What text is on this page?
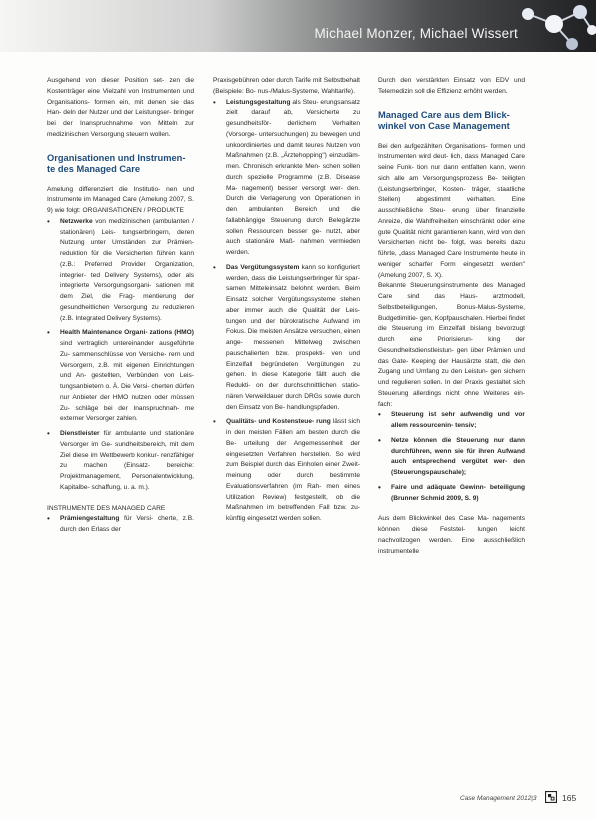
Michael Monzer, Michael Wissert

Ausgehend von dieser Position set- zen die Kostenträger eine Vielzahl von Instrumenten und Organisations- formen ein, mit denen sie das Han- deln der Nutzer und der Leistungser- bringer bei der Inanspruchnahme von Mitteln zur medizinischen Versorgung steuern wollen.

Organisationen und Instrumen- te des Managed Care

Amelung differenziert die Institutio- nen und Instrumente im Managed Care (Amelung 2007, S. 9) wie folgt: ORGANISATIONEN / PRODUKTE

• Netzwerke von medizinischen (ambulanten / stationären) Leis- tungserbringern, deren Nutzung unter Umständen zur Prämien- reduktion für die Versicherten führen kann (z.B.: Preferred Provider Organization, integrier- ted Delivery Systems), oder als integrierte Versorgungsorgani- sationen mit dem Ziel, die Frag- mentierung der gesundheitlichen Versorgung zu reduzieren (z.B. Integrated Delivery Systems).
• Health Maintenance Organi- zations (HMO) sind vertraglich untereinander ausgeführte Zu- sammenschlüsse von Versiche- rern und Versorgern, z.B. mit eigenen Einrichtungen und An- gestellten, Verbünden von Leis- tungsanbietern o. Ä. Die Versi- cherten dürfen nur Anbieter der HMO nutzen oder müssen Zu- schläge bei der Inanspruchnah- me externer Versorger zahlen.
• Dienstleister für ambulante und stationäre Versorger im Ge- sundheitsbereich, mit dem Ziel diese im Wettbewerb konkur- renzfähiger zu machen (Einsatz- bereiche: Projektmanagement, Personalentwicklung, Kapitalbe- schaffung, u. a. m.).

INSTRUMENTE DES MANAGED CARE

• Prämiengestaltung für Versi- cherte, z.B. durch den Erlass der

Praxisgebühren oder durch Tarife mit Selbstbehalt (Beispiele: Bo- nus-/Malus-Systeme, Wahltarife).

• Leistungsgestaltung als Steu- erungsansatz zielt darauf ab, Versicherte zu gesundheitsför- derlichem Verhalten (Vorsorge- untersuchungen) zu bewegen und unkoordiniertes und damit teures Nutzen von Maßnahmen (z.B. „Ärztehopping") einzudäm- men. Chronisch erkrankte Men- schen sollen durch spezielle Programme (z.B. Disease Ma- nagement) besser versorgt wer- den. Durch die Verlagerung von Operationen in den ambulanten Bereich und die fallabhängige Steuerung durch Belegärzte sollen Ressourcen besser ge- nutzt, aber auch stationäre Maß- nahmen vermieden werden.
• Das Vergütungssystem kann so konfiguriert werden, dass die Leistungserbringer für spar- samen Mitteleinsatz belohnt werden. Beim Einsatz solcher Vergütungssysteme stehen aber immer auch die Qualität der Leis- tungen und der bürokratische Aufwand im Fokus. Die meisten Ansätze versuchen, einen ange- messenen Mittelweg zwischen pauschalierten bzw. prospekti- ven und Einzelfall begründeten Vergütungen zu gehen. In diese Kategorie fällt auch die Redukti- on der durchschnittlichen statio- nären Verweildauer durch DRGs sowie durch den Einsatz von Be- handlungspfaden.
• Qualitäts- und Kostensteue- rung lässt sich in den meisten Fällen am besten durch die Be- urteilung der Angemessenheit der eingesetzten Verfahren herstellen. So wird zum Beispiel durch das Einholen einer Zweit- meinung oder durch bestimmte Evaluationsverfahren (im Rah- men eines Utilization Review) festgestellt, ob die Maßnahmen im betreffenden Fall bzw. zu- künftig eingesetzt werden sollen.

Durch den verstärkten Einsatz von EDV und Telemedizin soll die Effizienz erhöht werden.

Managed Care aus dem Blick- winkel von Case Management

Bei den aufgezählten Organisations- formen und Instrumenten wird deut- lich, dass Managed Care seine Funk- tion nur dann entfalten kann, wenn sich alle am Versorgungsprozess Be- teiligten (Leistungserbringer, Kosten- träger, staatliche Stellen) abgestimmt verhalten. Eine ausschließliche Steu- erung über finanzielle Anreize, die Wahlfreiheiten einschränkt oder eine gute Qualität nicht garantieren kann, wird von den Versicherten nicht be- folgt, was bereits dazu führte, „dass Managed Care Instrumente heute in weniger scharfer Form eingesetzt werden" (Amelung 2007, S. X).

Bekannte Steuerungsinstrumente des Managed Care sind das Haus- arztmodell, Selbstbeteiligungen, Bonus-Malus-Systeme, Budgetlimitie- gen, Kopfpauschalen. Hierbei findet die Steuerung im Einzelfall bislang bevorzugt durch eine Priorisierun- king der Gesundheitsdienstleistun- gen über Prämien und das Gate- Keeping der Hausärzte statt, die den Zugang und Umfang zu den Leistun- gen sichern und regulieren sollen. In der Praxis gestaltet sich Steuerung allerdings nicht ohne Weiteres ein- fach:

• Steuerung ist sehr aufwendig und vor allem ressourcenin- tensiv;
• Netze können die Steuerung nur dann durchführen, wenn sie für ihren Aufwand auch entsprechend vergütet wer- den (Steuerungspauschale);
• Faire und adäquate Gewinn- beteiligung (Brunner Schmid 2009, S. 9)

Aus dem Blickwinkel des Case Ma- nagements können diese Feststel- lungen leicht nachvollzogen werden. Eine ausschließlich instrumentelle

Case Management 2012|3	165
